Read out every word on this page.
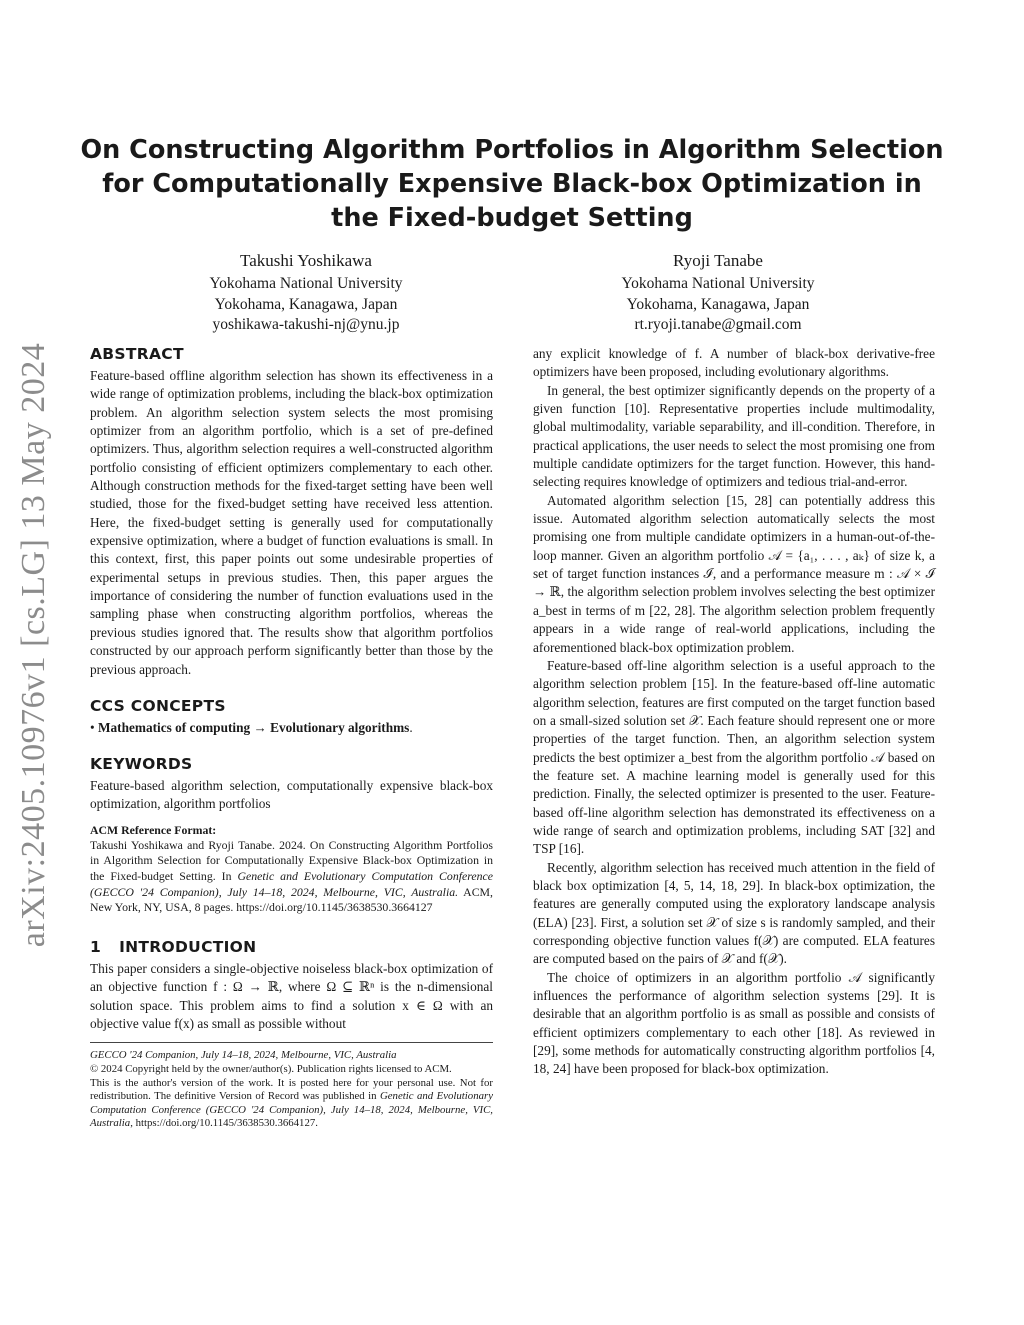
arXiv:2405.10976v1 [cs.LG] 13 May 2024
On Constructing Algorithm Portfolios in Algorithm Selection for Computationally Expensive Black-box Optimization in the Fixed-budget Setting
Takushi Yoshikawa
Yokohama National University
Yokohama, Kanagawa, Japan
yoshikawa-takushi-nj@ynu.jp
Ryoji Tanabe
Yokohama National University
Yokohama, Kanagawa, Japan
rt.ryoji.tanabe@gmail.com
ABSTRACT

Feature-based offline algorithm selection has shown its effectiveness in a wide range of optimization problems, including the black-box optimization problem. An algorithm selection system selects the most promising optimizer from an algorithm portfolio, which is a set of pre-defined optimizers. Thus, algorithm selection requires a well-constructed algorithm portfolio consisting of efficient optimizers complementary to each other. Although construction methods for the fixed-target setting have been well studied, those for the fixed-budget setting have received less attention. Here, the fixed-budget setting is generally used for computationally expensive optimization, where a budget of function evaluations is small. In this context, first, this paper points out some undesirable properties of experimental setups in previous studies. Then, this paper argues the importance of considering the number of function evaluations used in the sampling phase when constructing algorithm portfolios, whereas the previous studies ignored that. The results show that algorithm portfolios constructed by our approach perform significantly better than those by the previous approach.

CCS CONCEPTS
• Mathematics of computing → Evolutionary algorithms.
KEYWORDS

Feature-based algorithm selection, computationally expensive black-box optimization, algorithm portfolios

ACM Reference Format:

Takushi Yoshikawa and Ryoji Tanabe. 2024. On Constructing Algorithm Portfolios in Algorithm Selection for Computationally Expensive Black-box Optimization in the Fixed-budget Setting. In Genetic and Evolutionary Computation Conference (GECCO '24 Companion), July 14–18, 2024, Melbourne, VIC, Australia. ACM, New York, NY, USA, 8 pages. https://doi.org/10.1145/3638530.3664127

1 INTRODUCTION

This paper considers a single-objective noiseless black-box optimization of an objective function f : Ω → ℝ, where Ω ⊆ ℝⁿ is the n-dimensional solution space. This problem aims to find a solution x ∈ Ω with an objective value f(x) as small as possible without

GECCO '24 Companion, July 14–18, 2024, Melbourne, VIC, Australia
© 2024 Copyright held by the owner/author(s). Publication rights licensed to ACM.
This is the author's version of the work. It is posted here for your personal use. Not for redistribution. The definitive Version of Record was published in Genetic and Evolutionary Computation Conference (GECCO '24 Companion), July 14–18, 2024, Melbourne, VIC, Australia, https://doi.org/10.1145/3638530.3664127.

any explicit knowledge of f. A number of black-box derivative-free optimizers have been proposed, including evolutionary algorithms.

In general, the best optimizer significantly depends on the property of a given function [10]. Representative properties include multimodality, global multimodality, variable separability, and ill-condition. Therefore, in practical applications, the user needs to select the most promising one from multiple candidate optimizers for the target function. However, this hand-selecting requires knowledge of optimizers and tedious trial-and-error.

Automated algorithm selection [15, 28] can potentially address this issue. Automated algorithm selection automatically selects the most promising one from multiple candidate optimizers in a human-out-of-the-loop manner. Given an algorithm portfolio 𝒜 = {a₁, . . . , aₖ} of size k, a set of target function instances ℐ, and a performance measure m : 𝒜 × ℐ → ℝ, the algorithm selection problem involves selecting the best optimizer a_best in terms of m [22, 28]. The algorithm selection problem frequently appears in a wide range of real-world applications, including the aforementioned black-box optimization problem.

Feature-based off-line algorithm selection is a useful approach to the algorithm selection problem [15]. In the feature-based off-line automatic algorithm selection, features are first computed on the target function based on a small-sized solution set 𝒳. Each feature should represent one or more properties of the target function. Then, an algorithm selection system predicts the best optimizer a_best from the algorithm portfolio 𝒜 based on the feature set. A machine learning model is generally used for this prediction. Finally, the selected optimizer is presented to the user. Feature-based off-line algorithm selection has demonstrated its effectiveness on a wide range of search and optimization problems, including SAT [32] and TSP [16].

Recently, algorithm selection has received much attention in the field of black box optimization [4, 5, 14, 18, 29]. In black-box optimization, the features are generally computed using the exploratory landscape analysis (ELA) [23]. First, a solution set 𝒳 of size s is randomly sampled, and their corresponding objective function values f(𝒳) are computed. ELA features are computed based on the pairs of 𝒳 and f(𝒳).

The choice of optimizers in an algorithm portfolio 𝒜 significantly influences the performance of algorithm selection systems [29]. It is desirable that an algorithm portfolio is as small as possible and consists of efficient optimizers complementary to each other [18]. As reviewed in [29], some methods for automatically constructing algorithm portfolios [4, 18, 24] have been proposed for black-box optimization.
